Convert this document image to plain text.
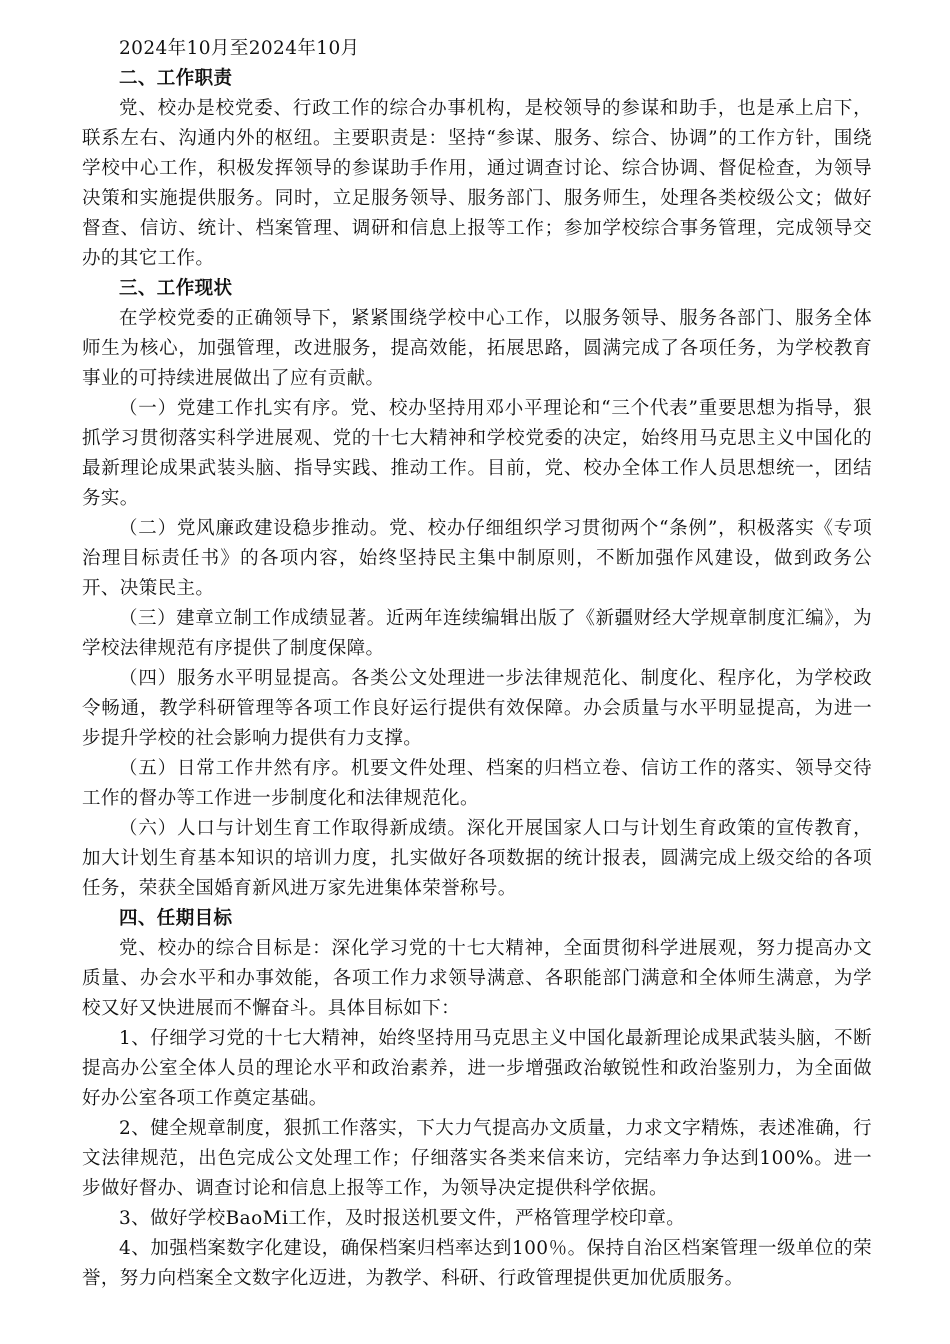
2024年10月至2024年10月

二、工作职责

党、校办是校党委、行政工作的综合办事机构，是校领导的参谋和助手，也是承上启下，联系左右、沟通内外的枢纽。主要职责是：坚持“参谋、服务、综合、协调”的工作方针，围绕学校中心工作，积极发挥领导的参谋助手作用，通过调查讨论、综合协调、督促检查，为领导决策和实施提供服务。同时，立足服务领导、服务部门、服务师生，处理各类校级公文；做好督查、信访、统计、档案管理、调研和信息上报等工作；参加学校综合事务管理，完成领导交办的其它工作。

三、工作现状

在学校党委的正确领导下，紧紧围绕学校中心工作，以服务领导、服务各部门、服务全体师生为核心，加强管理，改进服务，提高效能，拓展思路，圆满完成了各项任务，为学校教育事业的可持续进展做出了应有贡献。

（一）党建工作扎实有序。党、校办坚持用邓小平理论和“三个代表”重要思想为指导，狠抓学习贯彻落实科学进展观、党的十七大精神和学校党委的决定，始终用马克思主义中国化的最新理论成果武装头脑、指导实践、推动工作。目前，党、校办全体工作人员思想统一，团结务实。

（二）党风廉政建设稳步推动。党、校办仔细组织学习贯彻两个“条例”，积极落实《专项治理目标责任书》的各项内容，始终坚持民主集中制原则，不断加强作风建设，做到政务公开、决策民主。

（三）建章立制工作成绩显著。近两年连续编辑出版了《新疆财经大学规章制度汇编》，为学校法律规范有序提供了制度保障。

（四）服务水平明显提高。各类公文处理进一步法律规范化、制度化、程序化，为学校政令畅通，教学科研管理等各项工作良好运行提供有效保障。办会质量与水平明显提高，为进一步提升学校的社会影响力提供有力支撑。

（五）日常工作井然有序。机要文件处理、档案的归档立卷、信访工作的落实、领导交待工作的督办等工作进一步制度化和法律规范化。

（六）人口与计划生育工作取得新成绩。深化开展国家人口与计划生育政策的宣传教育，加大计划生育基本知识的培训力度，扎实做好各项数据的统计报表，圆满完成上级交给的各项任务，荣获全国婚育新风进万家先进集体荣誉称号。

四、任期目标

党、校办的综合目标是：深化学习党的十七大精神，全面贯彻科学进展观，努力提高办文质量、办会水平和办事效能，各项工作力求领导满意、各职能部门满意和全体师生满意，为学校又好又快进展而不懈奋斗。具体目标如下：

1、仔细学习党的十七大精神，始终坚持用马克思主义中国化最新理论成果武装头脑，不断提高办公室全体人员的理论水平和政治素养，进一步增强政治敏锐性和政治鉴别力，为全面做好办公室各项工作奠定基础。

2、健全规章制度，狠抓工作落实，下大力气提高办文质量，力求文字精炼，表述准确，行文法律规范，出色完成公文处理工作；仔细落实各类来信来访，完结率力争达到100%。进一步做好督办、调查讨论和信息上报等工作，为领导决定提供科学依据。

3、做好学校BaoMi工作，及时报送机要文件，严格管理学校印章。

4、加强档案数字化建设，确保档案归档率达到100％。保持自治区档案管理一级单位的荣誉，努力向档案全文数字化迈进，为教学、科研、行政管理提供更加优质服务。
